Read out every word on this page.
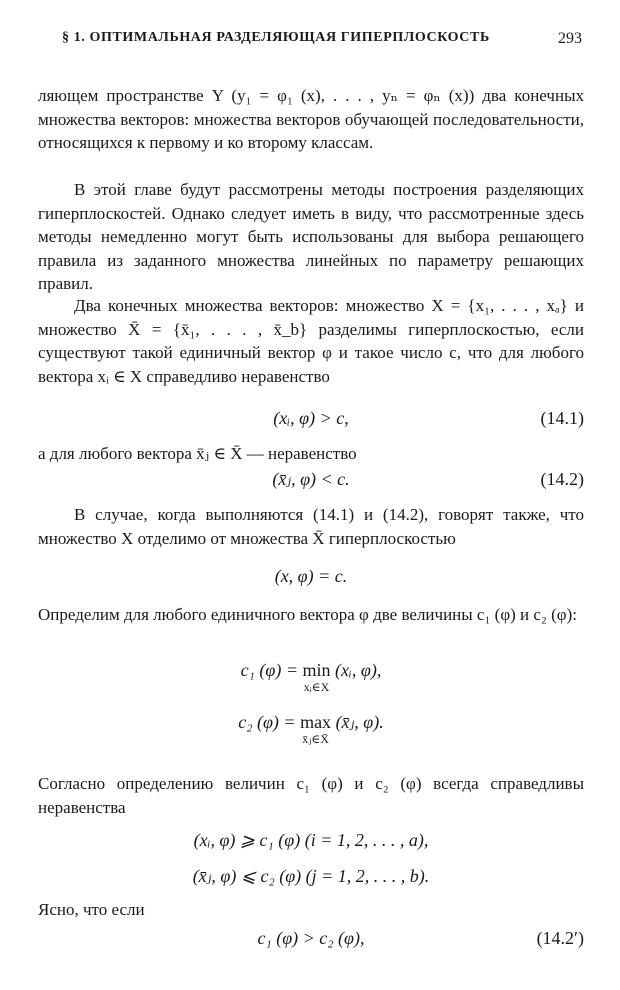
§ 1. ОПТИМАЛЬНАЯ РАЗДЕЛЯЮЩАЯ ГИПЕРПЛОСКОСТЬ	293

ляющем пространстве Y (y₁ = φ₁ (x), . . . , yₙ = φₙ (x)) два конечных множества векторов: множества векторов обучающей последовательности, относящихся к первому и ко второму классам.

В этой главе будут рассмотрены методы построения разделяющих гиперплоскостей. Однако следует иметь в виду, что рассмотренные здесь методы немедленно могут быть использованы для выбора решающего правила из заданного множества линейных по параметру решающих правил.

Два конечных множества векторов: множество X = {x₁, . . . , xₐ} и множество X̄ = {x̄₁, . . . , x̄_b} разделимы гиперплоскостью, если существуют такой единичный вектор φ и такое число c, что для любого вектора xᵢ ∈ X справедливо неравенство

(xᵢ, φ) > c,	(14.1)

а для любого вектора x̄ⱼ ∈ X̄ — неравенство

(x̄ⱼ, φ) < c.	(14.2)

В случае, когда выполняются (14.1) и (14.2), говорят также, что множество X отделимо от множества X̄ гиперплоскостью

(x, φ) = c.

Определим для любого единичного вектора φ две величины c₁ (φ) и c₂ (φ):

c₁ (φ) = min
xᵢ∈X
(xᵢ, φ),
c₂ (φ) = max
x̄ⱼ∈X̄
(x̄ⱼ, φ).

Согласно определению величин c₁ (φ) и c₂ (φ) всегда справедливы неравенства

(xᵢ, φ) ⩾ c₁ (φ) (i = 1, 2, . . . , a),
(x̄ⱼ, φ) ⩽ c₂ (φ) (j = 1, 2, . . . , b).

Ясно, что если

c₁ (φ) > c₂ (φ),	(14.2′)
